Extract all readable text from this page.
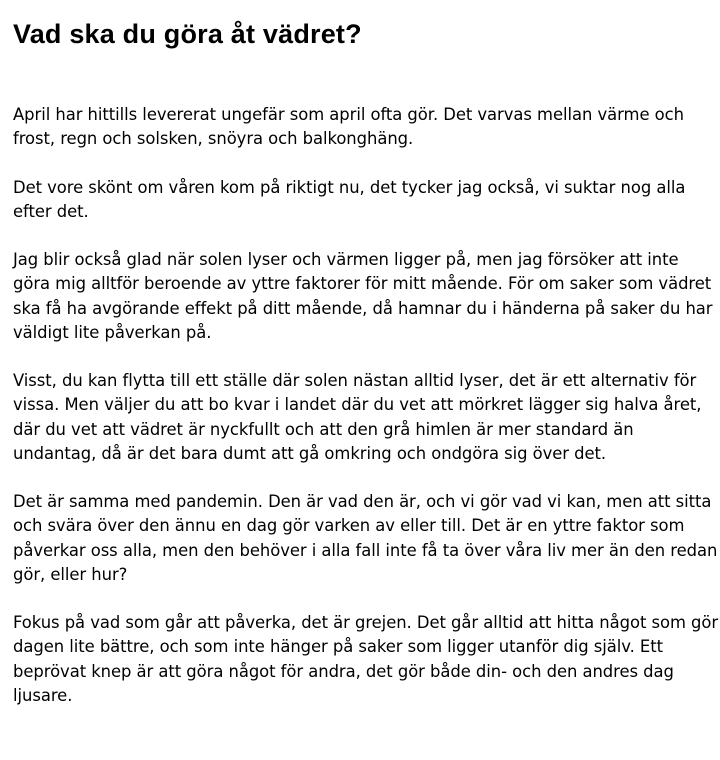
Vad ska du göra åt vädret?

April har hittills levererat ungefär som april ofta gör. Det varvas mellan värme och frost, regn och solsken, snöyra och balkonghäng.

Det vore skönt om våren kom på riktigt nu, det tycker jag också, vi suktar nog alla efter det.

Jag blir också glad när solen lyser och värmen ligger på, men jag försöker att inte göra mig alltför beroende av yttre faktorer för mitt mående. För om saker som vädret ska få ha avgörande effekt på ditt mående, då hamnar du i händerna på saker du har väldigt lite påverkan på.

Visst, du kan flytta till ett ställe där solen nästan alltid lyser, det är ett alternativ för vissa. Men väljer du att bo kvar i landet där du vet att mörkret lägger sig halva året, där du vet att vädret är nyckfullt och att den grå himlen är mer standard än undantag, då är det bara dumt att gå omkring och ondgöra sig över det.

Det är samma med pandemin. Den är vad den är, och vi gör vad vi kan, men att sitta och svära över den ännu en dag gör varken av eller till. Det är en yttre faktor som påverkar oss alla, men den behöver i alla fall inte få ta över våra liv mer än den redan gör, eller hur?

Fokus på vad som går att påverka, det är grejen. Det går alltid att hitta något som gör dagen lite bättre, och som inte hänger på saker som ligger utanför dig själv. Ett beprövat knep är att göra något för andra, det gör både din- och den andres dag ljusare.
